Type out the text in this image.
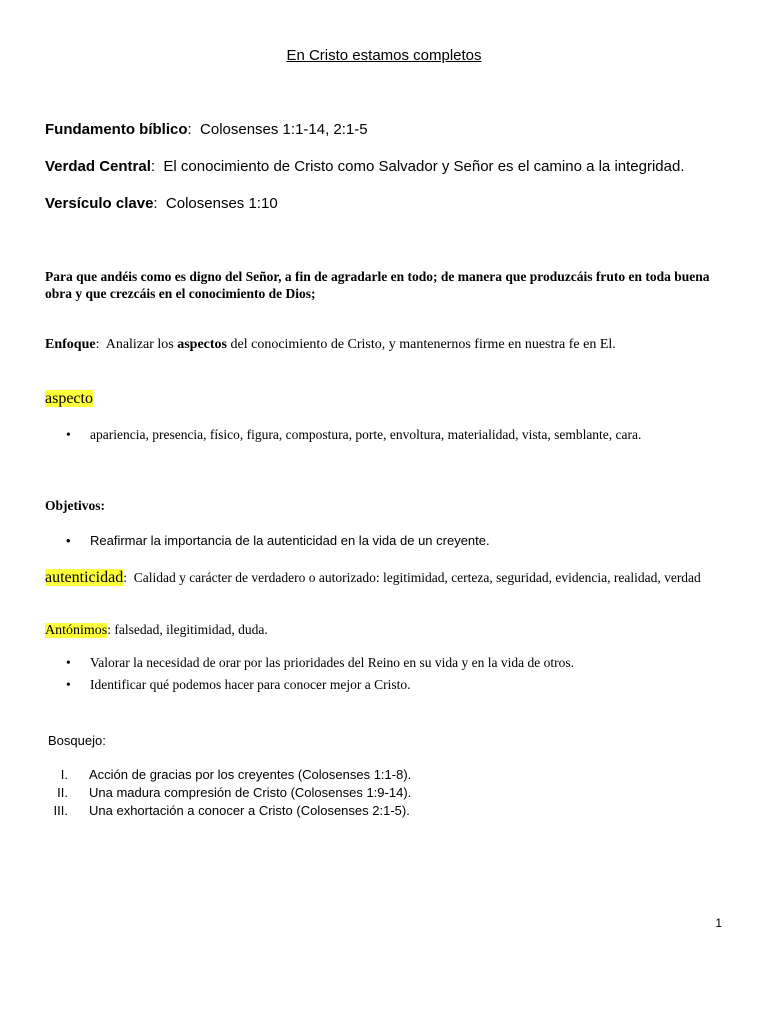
En Cristo estamos completos
Fundamento bíblico:  Colosenses 1:1-14, 2:1-5
Verdad Central:  El conocimiento de Cristo como Salvador y Señor es el camino a la integridad.
Versículo clave:  Colosenses 1:10
Para que andéis como es digno del Señor, a fin de agradarle en todo; de manera que produzcáis fruto en toda buena obra y que crezcáis en el conocimiento de Dios;
Enfoque:  Analizar los aspectos del conocimiento de Cristo, y mantenernos firme en nuestra fe en El.
aspecto
• apariencia, presencia, físico, figura, compostura, porte, envoltura, materialidad, vista, semblante, cara.
Objetivos:
• Reafirmar la importancia de la autenticidad en la vida de un creyente.
autenticidad:  Calidad y carácter de verdadero o autorizado: legitimidad, certeza, seguridad, evidencia, realidad, verdad
Antónimos: falsedad, ilegitimidad, duda.
• Valorar la necesidad de orar por las prioridades del Reino en su vida y en la vida de otros.
• Identificar qué podemos hacer para conocer mejor a Cristo.
Bosquejo:
I. Acción de gracias por los creyentes (Colosenses 1:1-8).
II. Una madura compresión de Cristo (Colosenses 1:9-14).
III. Una exhortación a conocer a Cristo (Colosenses 2:1-5).
1
